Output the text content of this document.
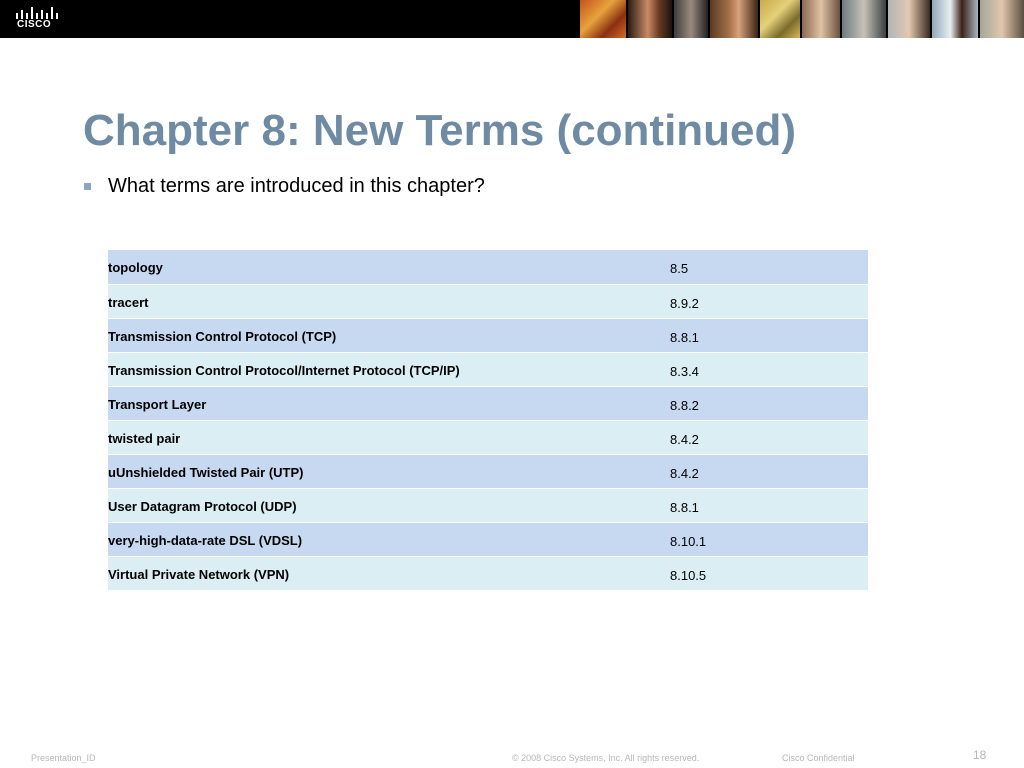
CISCO
Chapter 8: New Terms (continued)
What terms are introduced in this chapter?
topology	8.5

tracert	8.9.2

Transmission Control Protocol (TCP)	8.8.1

Transmission Control Protocol/Internet Protocol (TCP/IP)	8.3.4

Transport Layer	8.8.2

twisted pair	8.4.2

uUnshielded Twisted Pair (UTP)	8.4.2

User Datagram Protocol (UDP)	8.8.1

very-high-data-rate DSL (VDSL)	8.10.1

Virtual Private Network (VPN)	8.10.5
Presentation_ID	© 2008 Cisco Systems, Inc. All rights reserved.	Cisco Confidential	18
